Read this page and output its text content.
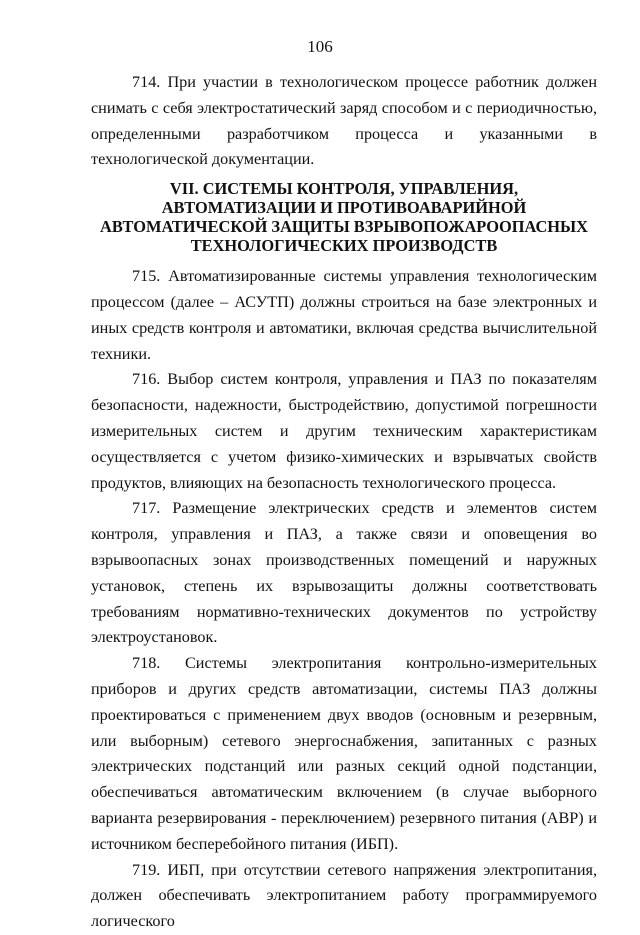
106

714. При участии в технологическом процессе работник должен снимать с себя электростатический заряд способом и с периодичностью, определенными разработчиком процесса и указанными в технологической документации.

VII. СИСТЕМЫ КОНТРОЛЯ, УПРАВЛЕНИЯ, АВТОМАТИЗАЦИИ И ПРОТИВОАВАРИЙНОЙ АВТОМАТИЧЕСКОЙ ЗАЩИТЫ ВЗРЫВОПОЖАРООПАСНЫХ ТЕХНОЛОГИЧЕСКИХ ПРОИЗВОДСТВ

715. Автоматизированные системы управления технологическим процессом (далее – АСУТП) должны строиться на базе электронных и иных средств контроля и автоматики, включая средства вычислительной техники.

716. Выбор систем контроля, управления и ПАЗ по показателям безопасности, надежности, быстродействию, допустимой погрешности измерительных систем и другим техническим характеристикам осуществляется с учетом физико-химических и взрывчатых свойств продуктов, влияющих на безопасность технологического процесса.

717. Размещение электрических средств и элементов систем контроля, управления и ПАЗ, а также связи и оповещения во взрывоопасных зонах производственных помещений и наружных установок, степень их взрывозащиты должны соответствовать требованиям нормативно-технических документов по устройству электроустановок.

718. Системы электропитания контрольно-измерительных приборов и других средств автоматизации, системы ПАЗ должны проектироваться с применением двух вводов (основным и резервным, или выборным) сетевого энергоснабжения, запитанных с разных электрических подстанций или разных секций одной подстанции, обеспечиваться автоматическим включением (в случае выборного варианта резервирования - переключением) резервного питания (АВР) и источником бесперебойного питания (ИБП).

719. ИБП, при отсутствии сетевого напряжения электропитания, должен обеспечивать электропитанием работу программируемого логического
